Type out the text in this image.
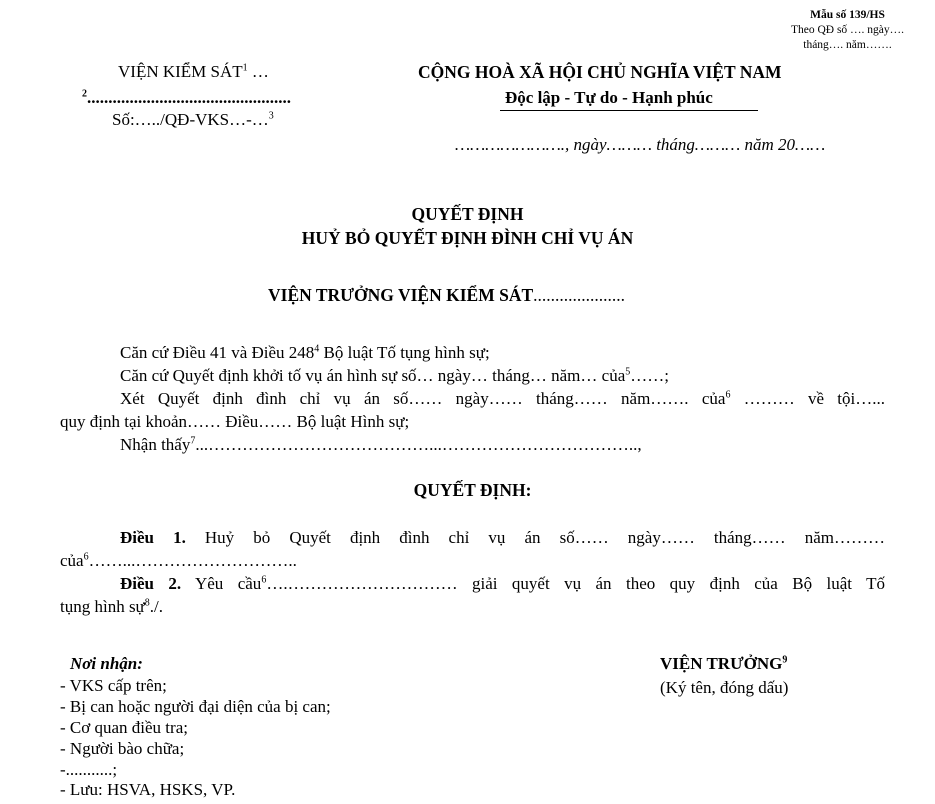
Mẫu số 139/HS
Theo QĐ số …. ngày….
tháng…. năm…….
VIỆN KIỂM SÁT$^1$ …
$^2$................................................
Số:…../QĐ-VKS…-…$^3$
CỘNG HOÀ XÃ HỘI CHỦ NGHĨA VIỆT NAM
Độc lập - Tự do - Hạnh phúc
…………………., ngày……… tháng……… năm 20……
QUYẾT ĐỊNH
HUỶ BỎ QUYẾT ĐỊNH ĐÌNH CHỈ VỤ ÁN
VIỆN TRƯỞNG VIỆN KIỂM SÁT.....................
Căn cứ Điều 41 và Điều $248^4$ Bộ luật Tố tụng hình sự;
Căn cứ Quyết định khởi tố vụ án hình sự số… ngày… tháng… năm… của$^5$……;
Xét Quyết định đình chỉ vụ án số…… ngày…… tháng…… năm……. của$^6$ ……… về tội…...
quy định tại khoản…… Điều…… Bộ luật Hình sự;
Nhận thấy$^7$...…………………………………...……………………………..,
QUYẾT ĐỊNH:
Điều 1. Huỷ bỏ Quyết định đình chỉ vụ án số…… ngày…… tháng…… năm………
của$^6$……...………………………..
Điều 2. Yêu cầu$^6$….………………………… giải quyết vụ án theo quy định của Bộ luật Tố
tụng hình sự$^8$./.
Nơi nhận:
- VKS cấp trên;
- Bị can hoặc người đại diện của bị can;
- Cơ quan điều tra;
- Người bào chữa;
-...........;
- Lưu: HSVA, HSKS, VP.
VIỆN TRƯỞNG$^9$
(Ký tên, đóng dấu)
